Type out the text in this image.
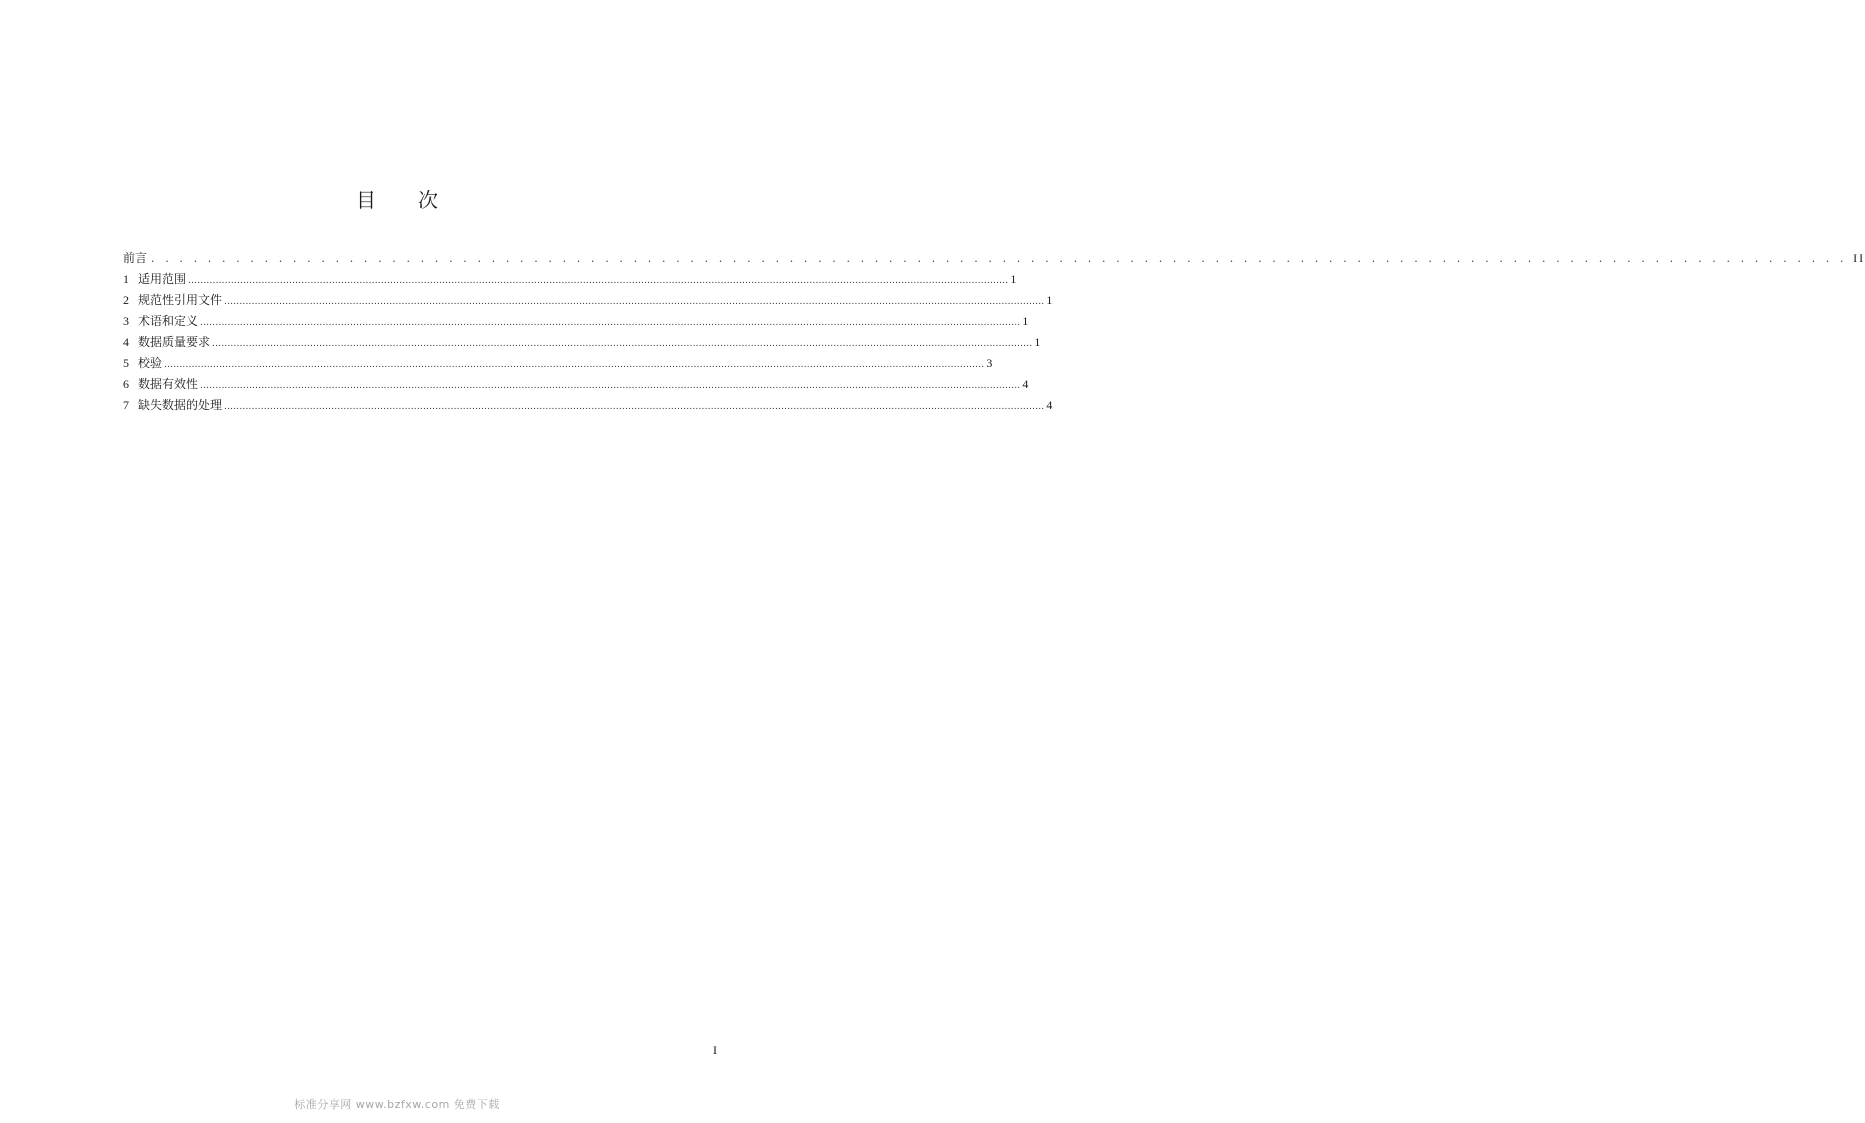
目 次
前言 . . . . . . . . . . . . . . . . . . . . . . . . . . . . . . . . . . . . . . . . . . . . . . . . . . . . . . . . . . . . . . . . . . . . . . . . . . . . . . . . . . . . . . . . . . . . . . . . . . . . . . . . . . . . . . . . . . . . . . . . II
1 适用范围 ............................................................................................................................................................................................................................................................................ 1
2 规范性引用文件 ............................................................................................................................................................................................................................................................................ 1
3 术语和定义 ............................................................................................................................................................................................................................................................................ 1
4 数据质量要求 ............................................................................................................................................................................................................................................................................ 1
5 校验 ............................................................................................................................................................................................................................................................................ 3
6 数据有效性 ............................................................................................................................................................................................................................................................................ 4
7 缺失数据的处理 ............................................................................................................................................................................................................................................................................ 4
I
标准分享网 www.bzfxw.com 免费下载
